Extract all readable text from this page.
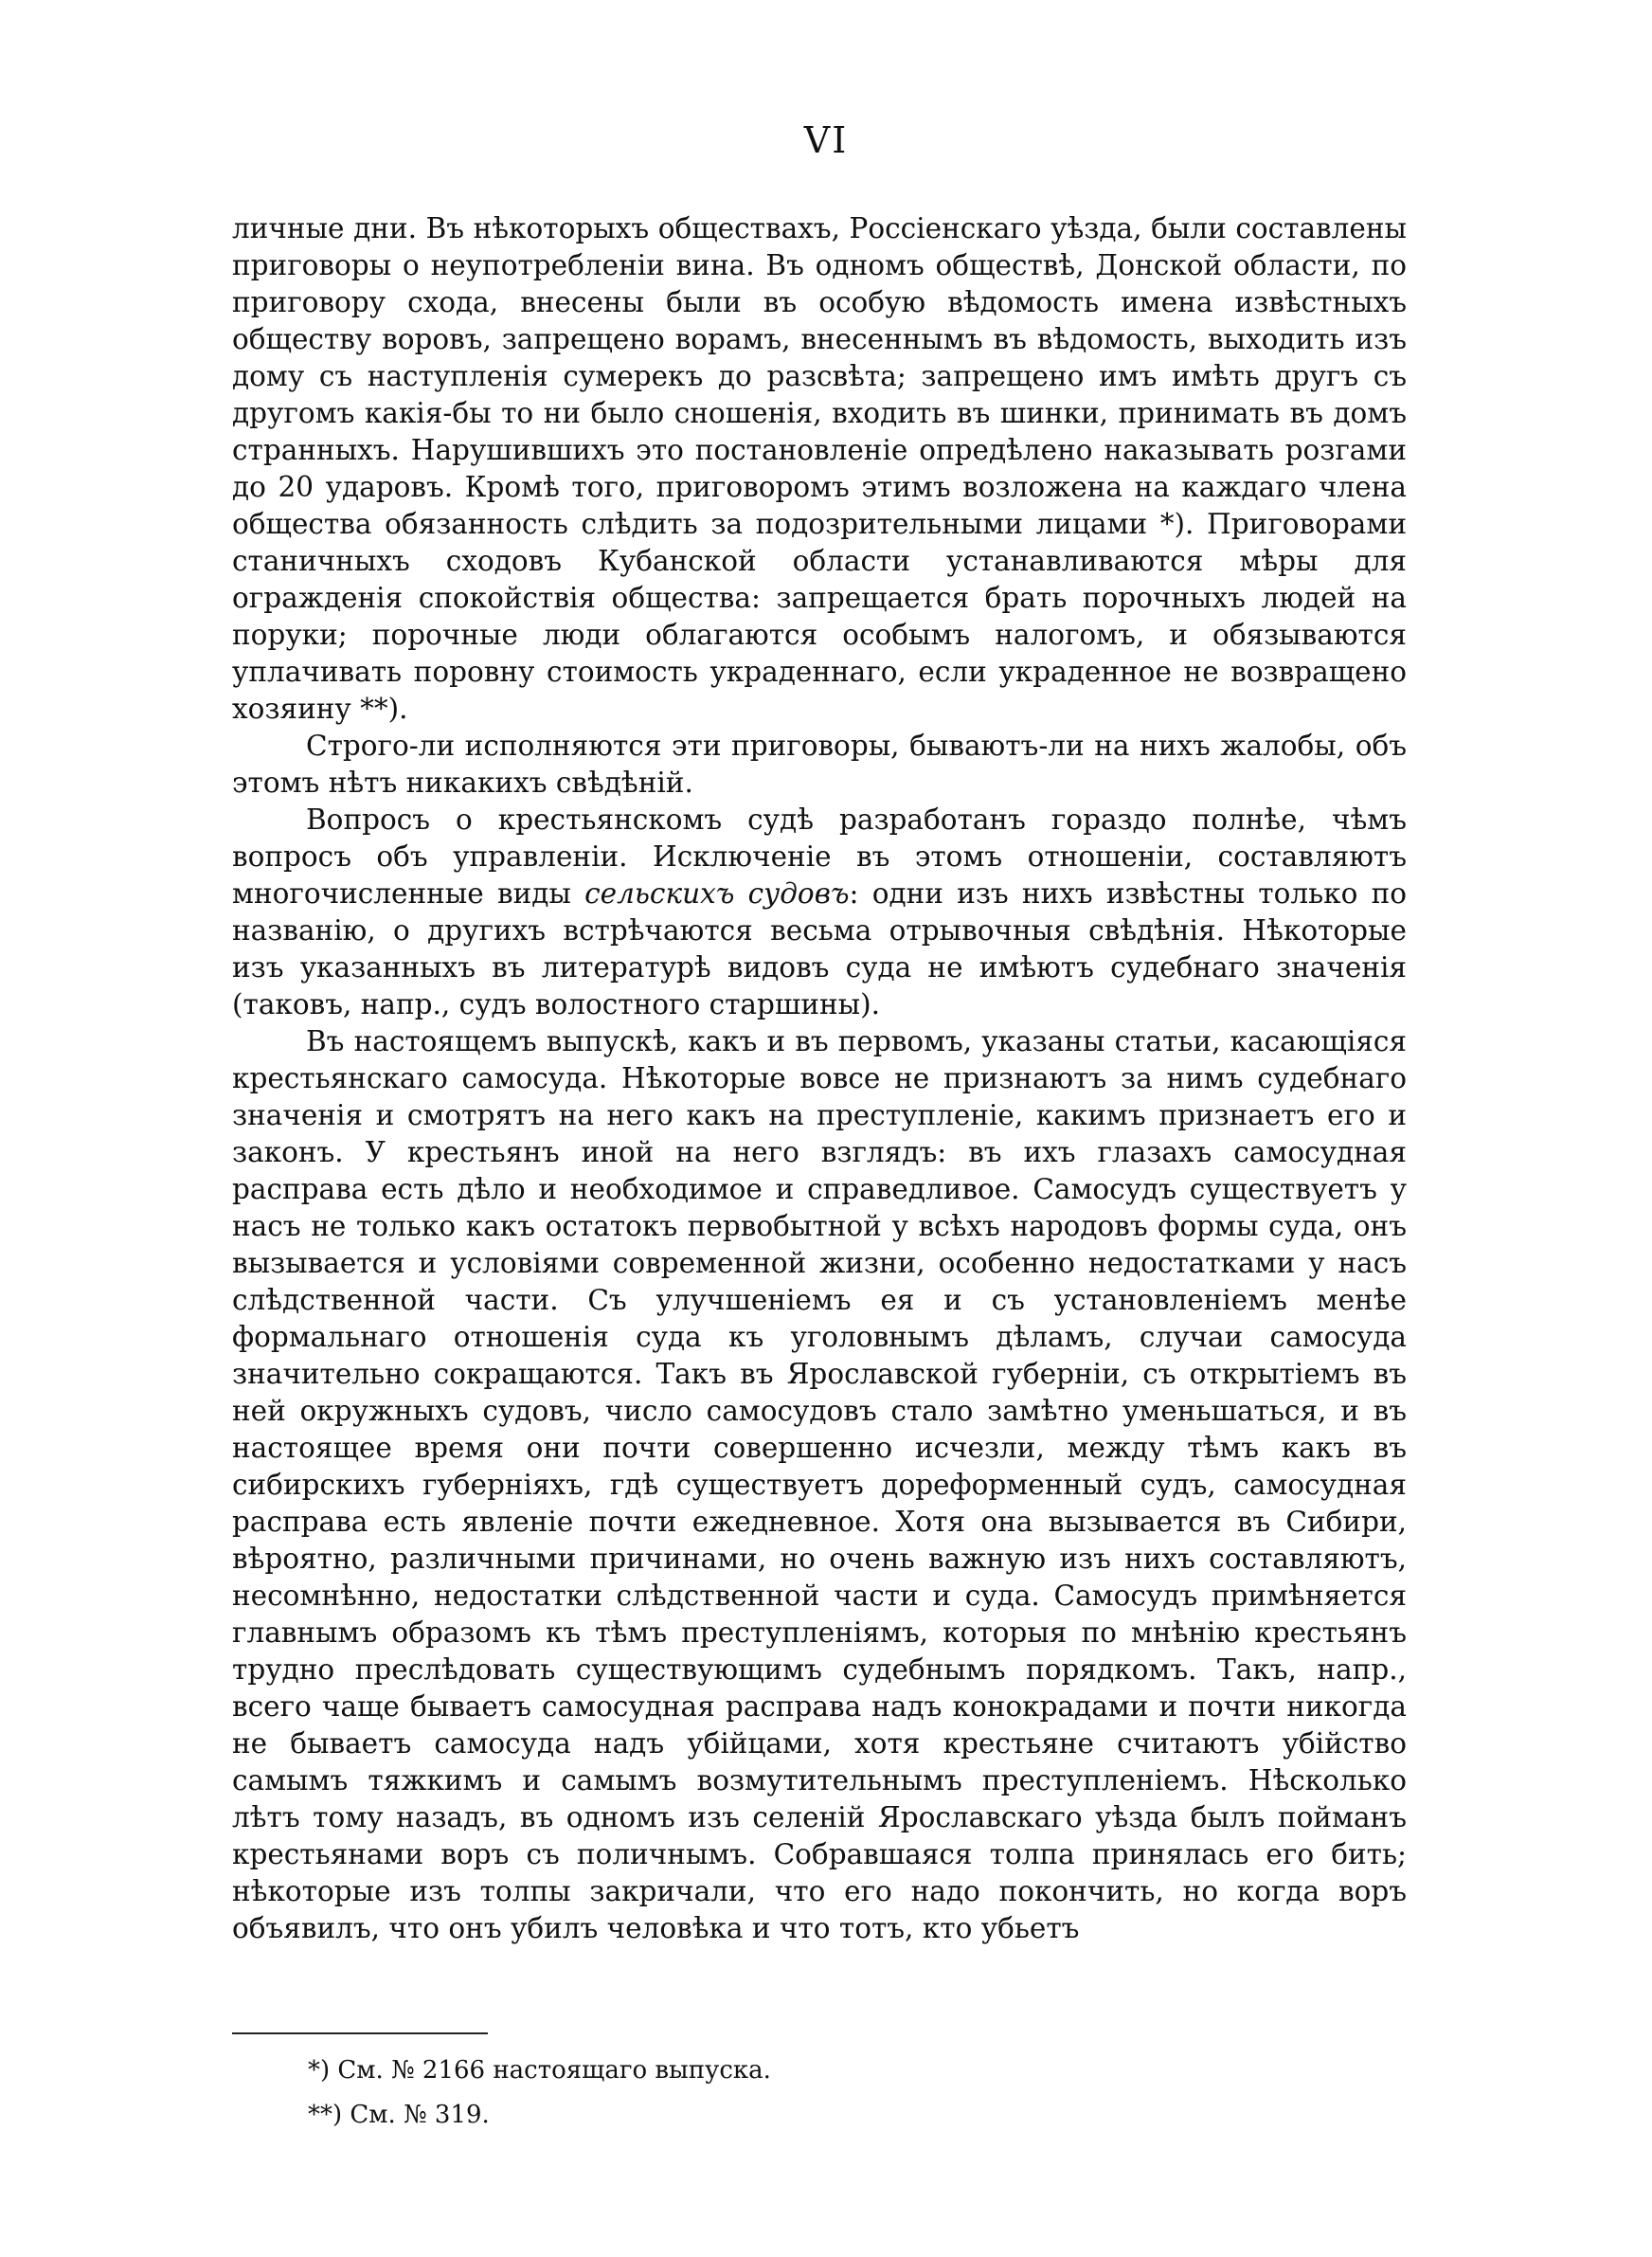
VI

личные дни. Въ нѣкоторыхъ обществахъ, Россіенскаго уѣзда, были составлены приговоры о неупотребленіи вина. Въ одномъ обществѣ, Донской области, по приговору схода, внесены были въ особую вѣдомость имена извѣстныхъ обществу воровъ, запрещено ворамъ, внесеннымъ въ вѣдомость, выходить изъ дому съ наступленія сумерекъ до разсвѣта; запрещено имъ имѣть другъ съ другомъ какія-бы то ни было сношенія, входить въ шинки, принимать въ домъ странныхъ. Нарушившихъ это постановленіе опредѣлено наказывать розгами до 20 ударовъ. Кромѣ того, приговоромъ этимъ возложена на каждаго члена общества обязанность слѣдить за подозрительными лицами *). Приговорами станичныхъ сходовъ Кубанской области устанавливаются мѣры для огражденія спокойствія общества: запрещается брать порочныхъ людей на поруки; порочные люди облагаются особымъ налогомъ, и обязываются уплачивать поровну стоимость украденнаго, если украденное не возвращено хозяину **).

Строго-ли исполняются эти приговоры, бываютъ-ли на нихъ жалобы, объ этомъ нѣтъ никакихъ свѣдѣній.

Вопросъ о крестьянскомъ судѣ разработанъ гораздо полнѣе, чѣмъ вопросъ объ управленіи. Исключеніе въ этомъ отношеніи, составляютъ многочисленные виды сельскихъ судовъ: одни изъ нихъ извѣстны только по названію, о другихъ встрѣчаются весьма отрывочныя свѣдѣнія. Нѣкоторые изъ указанныхъ въ литературѣ видовъ суда не имѣютъ судебнаго значенія (таковъ, напр., судъ волостного старшины).

Въ настоящемъ выпускѣ, какъ и въ первомъ, указаны статьи, касающіяся крестьянскаго самосуда. Нѣкоторые вовсе не признаютъ за нимъ судебнаго значенія и смотрятъ на него какъ на преступленіе, какимъ признаетъ его и законъ. У крестьянъ иной на него взглядъ: въ ихъ глазахъ самосудная расправа есть дѣло и необходимое и справедливое. Самосудъ существуетъ у насъ не только какъ остатокъ первобытной у всѣхъ народовъ формы суда, онъ вызывается и условіями современной жизни, особенно недостатками у насъ слѣдственной части. Съ улучшеніемъ ея и съ установленіемъ менѣе формальнаго отношенія суда къ уголовнымъ дѣламъ, случаи самосуда значительно сокращаются. Такъ въ Ярославской губерніи, съ открытіемъ въ ней окружныхъ судовъ, число самосудовъ стало замѣтно уменьшаться, и въ настоящее время они почти совершенно исчезли, между тѣмъ какъ въ сибирскихъ губерніяхъ, гдѣ существуетъ дореформенный судъ, самосудная расправа есть явленіе почти ежедневное. Хотя она вызывается въ Сибири, вѣроятно, различными причинами, но очень важную изъ нихъ составляютъ, несомнѣнно, недостатки слѣдственной части и суда. Самосудъ примѣняется главнымъ образомъ къ тѣмъ преступленіямъ, которыя по мнѣнію крестьянъ трудно преслѣдовать существующимъ судебнымъ порядкомъ. Такъ, напр., всего чаще бываетъ самосудная расправа надъ конокрадами и почти никогда не бываетъ самосуда надъ убійцами, хотя крестьяне считаютъ убійство самымъ тяжкимъ и самымъ возмутительнымъ преступленіемъ. Нѣсколько лѣтъ тому назадъ, въ одномъ изъ селеній Ярославскаго уѣзда былъ пойманъ крестьянами воръ съ поличнымъ. Собравшаяся толпа принялась его бить; нѣкоторые изъ толпы закричали, что его надо покончить, но когда воръ объявилъ, что онъ убилъ человѣка и что тотъ, кто убьетъ

*) См. № 2166 настоящаго выпуска.
**) См. № 319.
